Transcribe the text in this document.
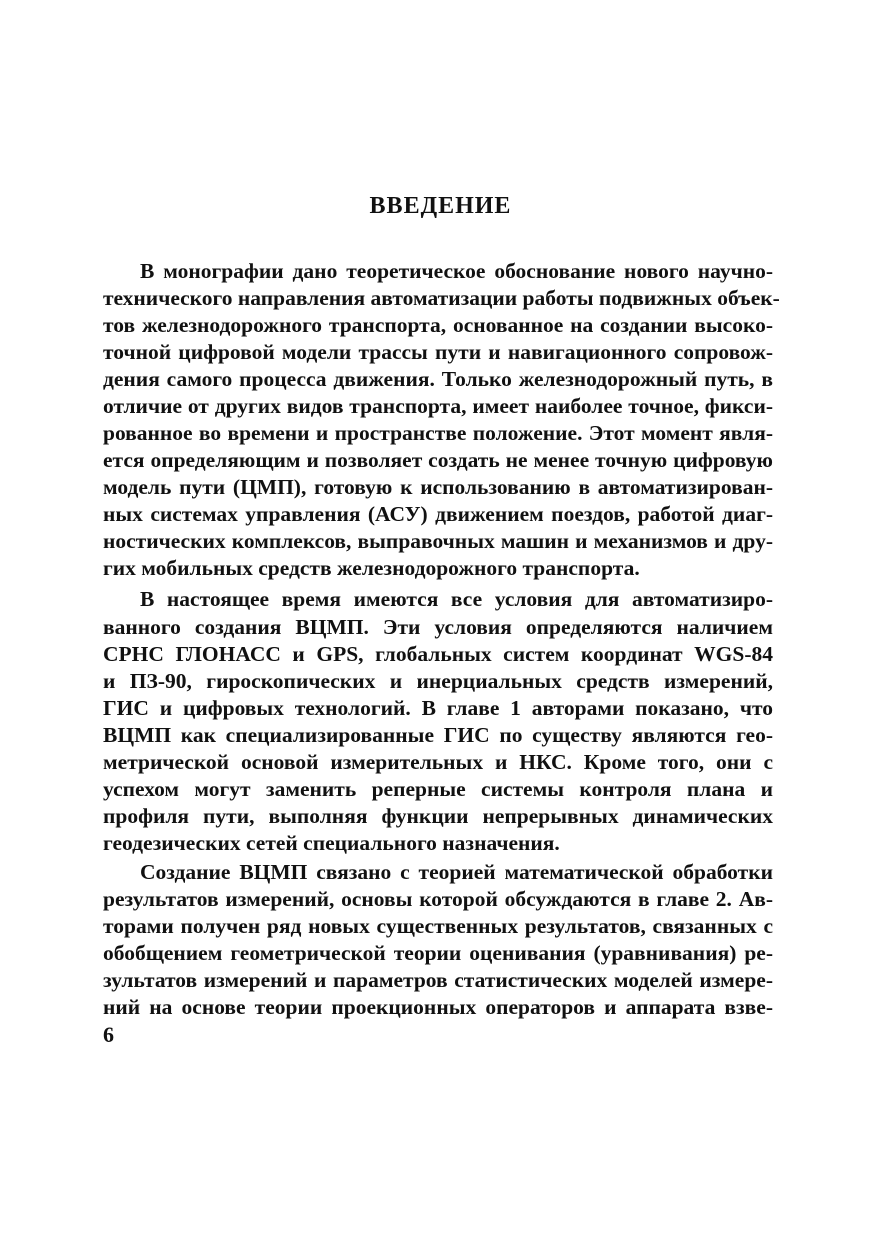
ВВЕДЕНИЕ

В монографии дано теоретическое обоснование нового научно-

технического направления автоматизации работы подвижных объек-

тов железнодорожного транспорта, основанное на создании высоко-

точной цифровой модели трассы пути и навигационного сопровож-

дения самого процесса движения. Только железнодорожный путь, в

отличие от других видов транспорта, имеет наиболее точное, фикси-

рованное во времени и пространстве положение. Этот момент явля-

ется определяющим и позволяет создать не менее точную цифровую

модель пути (ЦМП), готовую к использованию в автоматизирован-

ных системах управления (АСУ) движением поездов, работой диаг-

ностических комплексов, выправочных машин и механизмов и дру-

гих мобильных средств железнодорожного транспорта.

В настоящее время имеются все условия для автоматизиро-

ванного создания ВЦМП. Эти условия определяются наличием

СРНС ГЛОНАСС и GPS, глобальных систем координат WGS-84

и ПЗ-90, гироскопических и инерциальных средств измерений,

ГИС и цифровых технологий. В главе 1 авторами показано, что

ВЦМП как специализированные ГИС по существу являются гео-

метрической основой измерительных и НКС. Кроме того, они с

успехом могут заменить реперные системы контроля плана и

профиля пути, выполняя функции непрерывных динамических

геодезических сетей специального назначения.

Создание ВЦМП связано с теорией математической обработки

результатов измерений, основы которой обсуждаются в главе 2. Ав-

торами получен ряд новых существенных результатов, связанных с

обобщением геометрической теории оценивания (уравнивания) ре-

зультатов измерений и параметров статистических моделей измере-

ний на основе теории проекционных операторов и аппарата взве-

6
